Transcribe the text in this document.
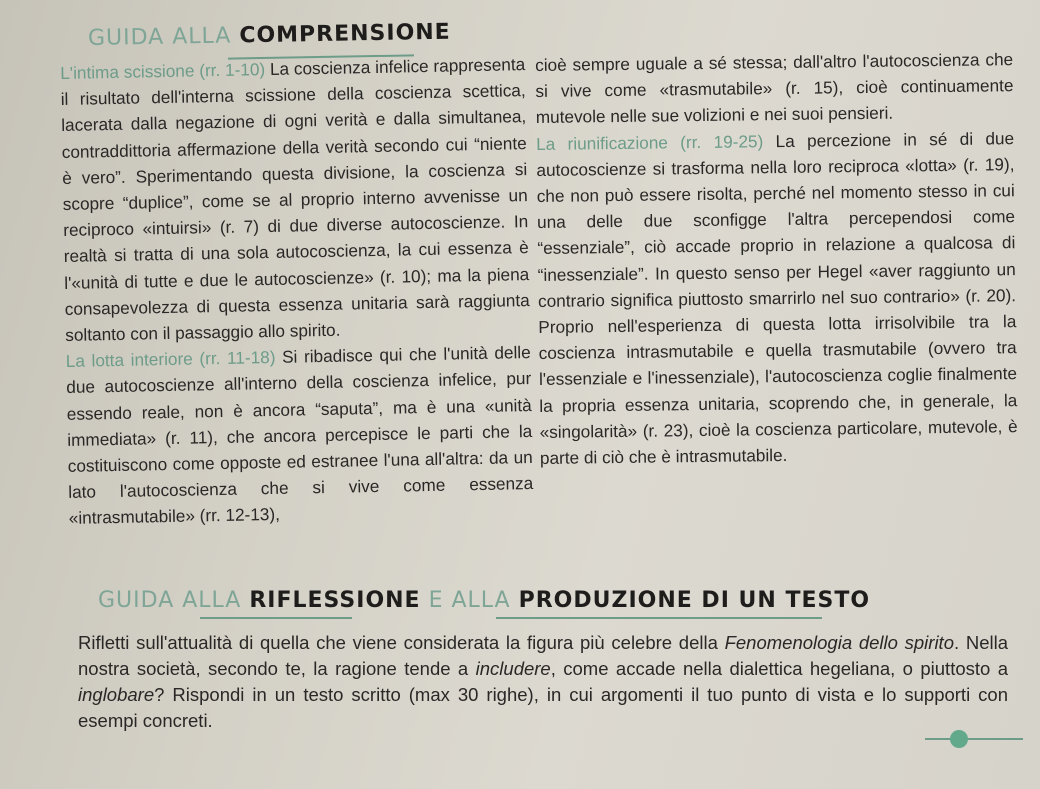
GUIDA ALLA COMPRENSIONE

L'intima scissione (rr. 1-10) La coscienza infelice rappresenta il risultato dell'interna scissione della coscienza scettica, lacerata dalla negazione di ogni verità e dalla simultanea, contraddittoria affermazione della verità secondo cui “niente è vero”. Sperimentando questa divisione, la coscienza si scopre “duplice”, come se al proprio interno avvenisse un reciproco «intuirsi» (r. 7) di due diverse autocoscienze. In realtà si tratta di una sola autocoscienza, la cui essenza è l'«unità di tutte e due le autocoscienze» (r. 10); ma la piena consapevolezza di questa essenza unitaria sarà raggiunta soltanto con il passaggio allo spirito.

La lotta interiore (rr. 11-18) Si ribadisce qui che l'unità delle due autocoscienze all'interno della coscienza infelice, pur essendo reale, non è ancora “saputa”, ma è una «unità immediata» (r. 11), che ancora percepisce le parti che la costituiscono come opposte ed estranee l'una all'altra: da un lato l'autocoscienza che si vive come essenza «intrasmutabile» (rr. 12-13),

cioè sempre uguale a sé stessa; dall'altro l'autocoscienza che si vive come «trasmutabile» (r. 15), cioè continuamente mutevole nelle sue volizioni e nei suoi pensieri.

La riunificazione (rr. 19-25) La percezione in sé di due autocoscienze si trasforma nella loro reciproca «lotta» (r. 19), che non può essere risolta, perché nel momento stesso in cui una delle due sconfigge l'altra percependosi come “essenziale”, ciò accade proprio in relazione a qualcosa di “inessenziale”. In questo senso per Hegel «aver raggiunto un contrario significa piuttosto smarrirlo nel suo contrario» (r. 20). Proprio nell'esperienza di questa lotta irrisolvibile tra la coscienza intrasmutabile e quella trasmutabile (ovvero tra l'essenziale e l'inessenziale), l'autocoscienza coglie finalmente la propria essenza unitaria, scoprendo che, in generale, la «singolarità» (r. 23), cioè la coscienza particolare, mutevole, è parte di ciò che è intrasmutabile.

GUIDA ALLA RIFLESSIONE E ALLA PRODUZIONE DI UN TESTO

Rifletti sull'attualità di quella che viene considerata la figura più celebre della Fenomenologia dello spirito. Nella nostra società, secondo te, la ragione tende a includere, come accade nella dialettica hegeliana, o piuttosto a inglobare? Rispondi in un testo scritto (max 30 righe), in cui argomenti il tuo punto di vista e lo supporti con esempi concreti.
